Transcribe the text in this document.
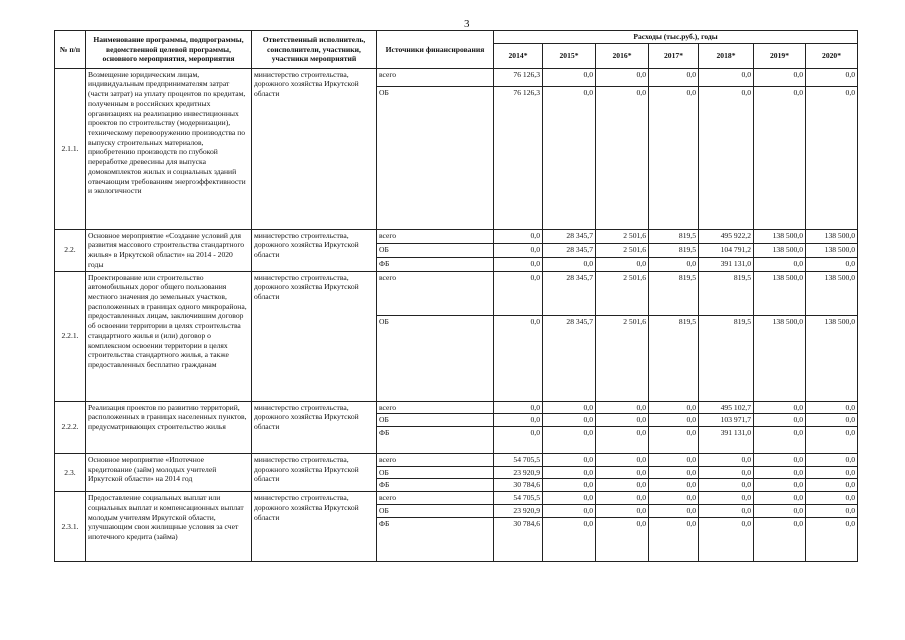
3
№ п/п	Наименование программы, подпрограммы, ведомственной целевой программы, основного мероприятия, мероприятия	Ответственный исполнитель, соисполнители, участники, участники мероприятий	Источники финансирования	Расходы (тыс.руб.), годы						
				2014*	2015*	2016*	2017*	2018*	2019*	2020*
2.1.1.	Возмещение юридическим лицам, индивидуальным предпринимателям затрат (части затрат) на уплату процентов по кредитам, полученным в российских кредитных организациях на реализацию инвестиционных проектов по строительству (модернизации), техническому перевооружению производства по выпуску строительных материалов, приобретению производств по глубокой переработке древесины для выпуска домокомплектов жилых и социальных зданий отвечающим требованиям энергоэффективности и экологичности	министерство строительства, дорожного хозяйства Иркутской области	всего	76 126,3	0,0	0,0	0,0	0,0	0,0	0,0
			ОБ	76 126,3	0,0	0,0	0,0	0,0	0,0	0,0
2.2.	Основное мероприятие «Создание условий для развития массового строительства стандартного жилья» в Иркутской области» на 2014 - 2020 годы	министерство строительства, дорожного хозяйства Иркутской области	всего	0,0	28 345,7	2 501,6	819,5	495 922,2	138 500,0	138 500,0
			ОБ	0,0	28 345,7	2 501,6	819,5	104 791,2	138 500,0	138 500,0
			ФБ	0,0	0,0	0,0	0,0	391 131,0	0,0	0,0
2.2.1.	Проектирование или строительство автомобильных дорог общего пользования местного значения до земельных участков, расположенных в границах одного микрорайона, предоставленных лицам, заключившим договор об освоении территории в целях строительства стандартного жилья и (или) договор о комплексном освоении территории в целях строительства стандартного жилья, а также предоставленных бесплатно гражданам	министерство строительства, дорожного хозяйства Иркутской области	всего	0,0	28 345,7	2 501,6	819,5	819,5	138 500,0	138 500,0
			ОБ	0,0	28 345,7	2 501,6	819,5	819,5	138 500,0	138 500,0
2.2.2.	Реализация проектов по развитию территорий, расположенных в границах населенных пунктов, предусматривающих строительство жилья	министерство строительства, дорожного хозяйства Иркутской области	всего	0,0	0,0	0,0	0,0	495 102,7	0,0	0,0
			ОБ	0,0	0,0	0,0	0,0	103 971,7	0,0	0,0
			ФБ	0,0	0,0	0,0	0,0	391 131,0	0,0	0,0
2.3.	Основное мероприятие «Ипотечное кредитование (займ) молодых учителей Иркутской области» на 2014 год	министерство строительства, дорожного хозяйства Иркутской области	всего	54 705,5	0,0	0,0	0,0	0,0	0,0	0,0
			ОБ	23 920,9	0,0	0,0	0,0	0,0	0,0	0,0
			ФБ	30 784,6	0,0	0,0	0,0	0,0	0,0	0,0
2.3.1.	Предоставление социальных выплат или социальных выплат и компенсационных выплат молодым учителям Иркутской области, улучшающим свои жилищные условия за счет ипотечного кредита (займа)	министерство строительства, дорожного хозяйства Иркутской области	всего	54 705,5	0,0	0,0	0,0	0,0	0,0	0,0
			ОБ	23 920,9	0,0	0,0	0,0	0,0	0,0	0,0
			ФБ	30 784,6	0,0	0,0	0,0	0,0	0,0	0,0
